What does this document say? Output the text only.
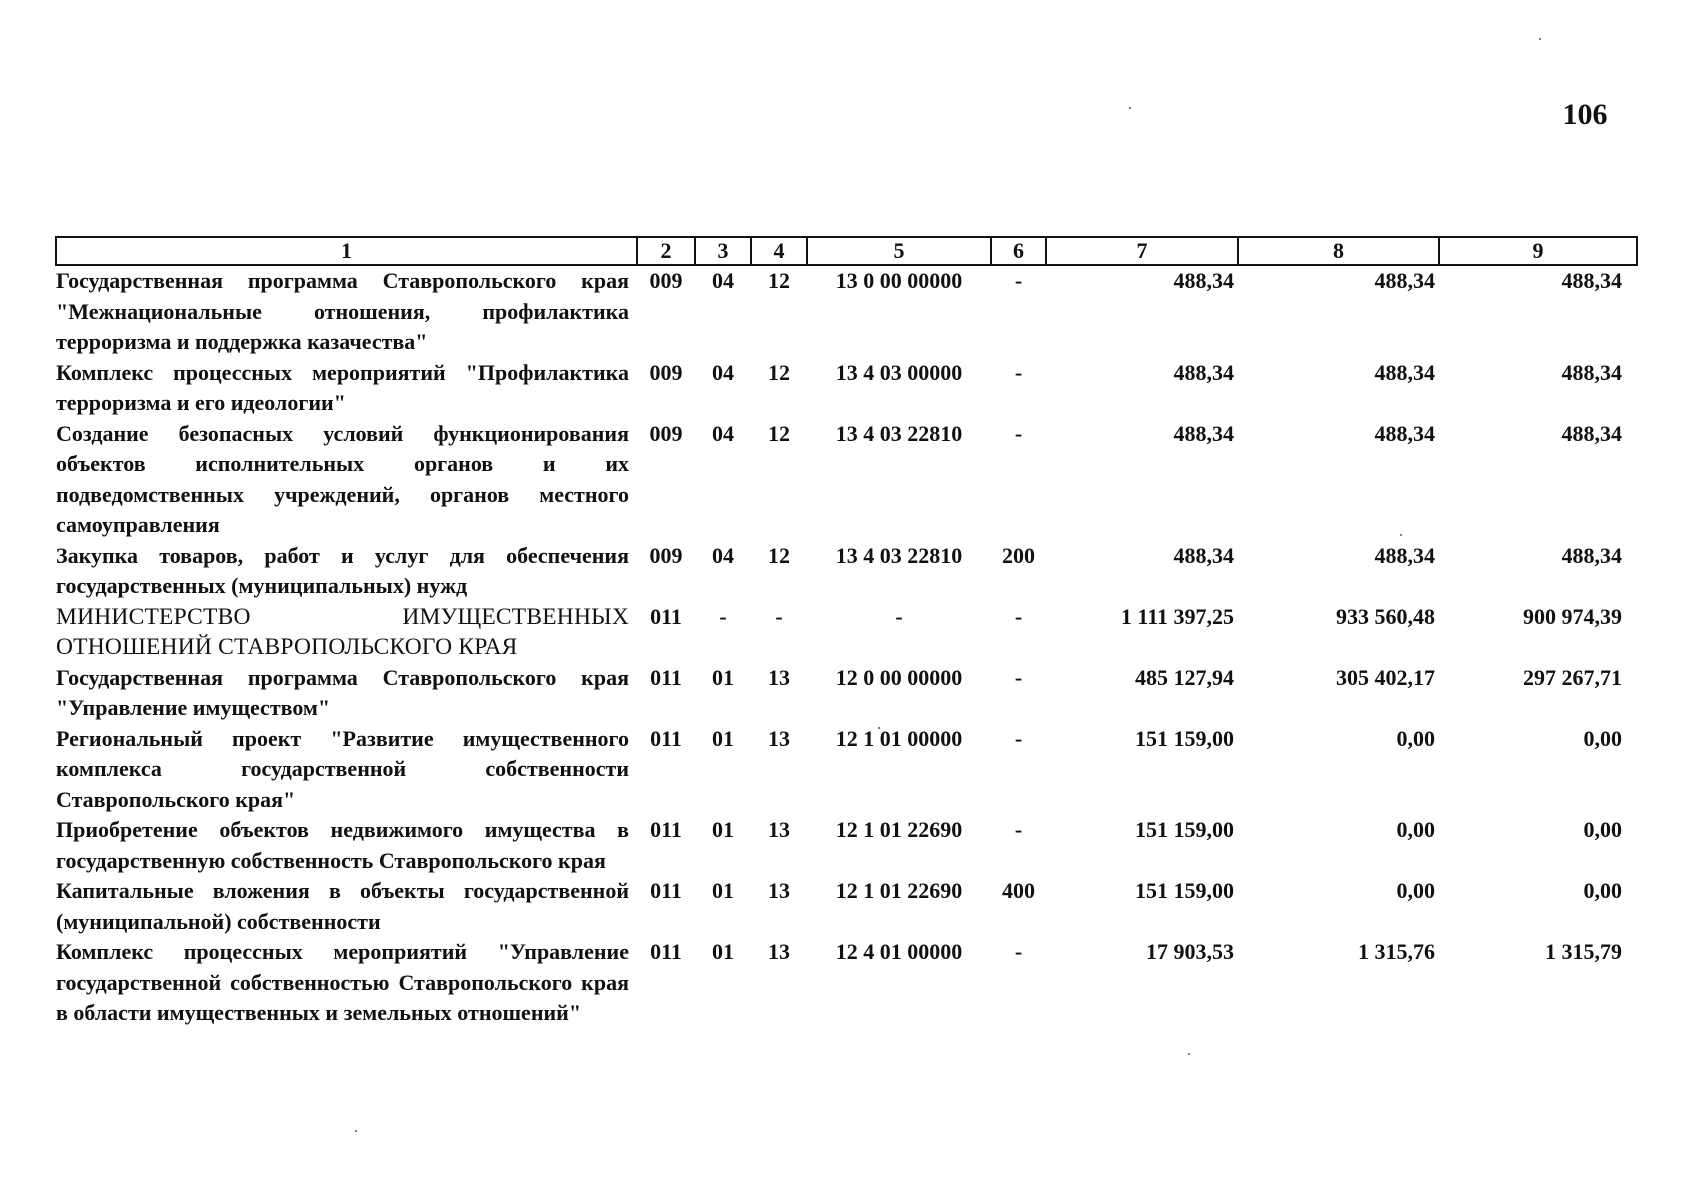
106
1	2	3	4	5	6	7	8	9
Государственная программа Ставропольского края "Межнациональные отношения, профилактика терроризма и поддержка казачества"	009	04	12	13 0 00 00000	-	488,34	488,34	488,34
Комплекс процессных мероприятий "Профилактика терроризма и его идеологии"	009	04	12	13 4 03 00000	-	488,34	488,34	488,34
Создание безопасных условий функционирования объектов исполнительных органов и их подведомственных учреждений, органов местного самоуправления	009	04	12	13 4 03 22810	-	488,34	488,34	488,34
Закупка товаров, работ и услуг для обеспечения государственных (муниципальных) нужд	009	04	12	13 4 03 22810	200	488,34	488,34	488,34
МИНИСТЕРСТВО ИМУЩЕСТВЕННЫХ ОТНОШЕНИЙ СТАВРОПОЛЬСКОГО КРАЯ	011	-	-	-	-	1 111 397,25	933 560,48	900 974,39
Государственная программа Ставропольского края "Управление имуществом"	011	01	13	12 0 00 00000	-	485 127,94	305 402,17	297 267,71
Региональный проект "Развитие имущественного комплекса государственной собственности Ставропольского края"	011	01	13	12 1 01 00000	-	151 159,00	0,00	0,00
Приобретение объектов недвижимого имущества в государственную собственность Ставропольского края	011	01	13	12 1 01 22690	-	151 159,00	0,00	0,00
Капитальные вложения в объекты государственной (муниципальной) собственности	011	01	13	12 1 01 22690	400	151 159,00	0,00	0,00
Комплекс процессных мероприятий "Управление государственной собственностью Ставропольского края в области имущественных и земельных отношений"	011	01	13	12 4 01 00000	-	17 903,53	1 315,76	1 315,79
